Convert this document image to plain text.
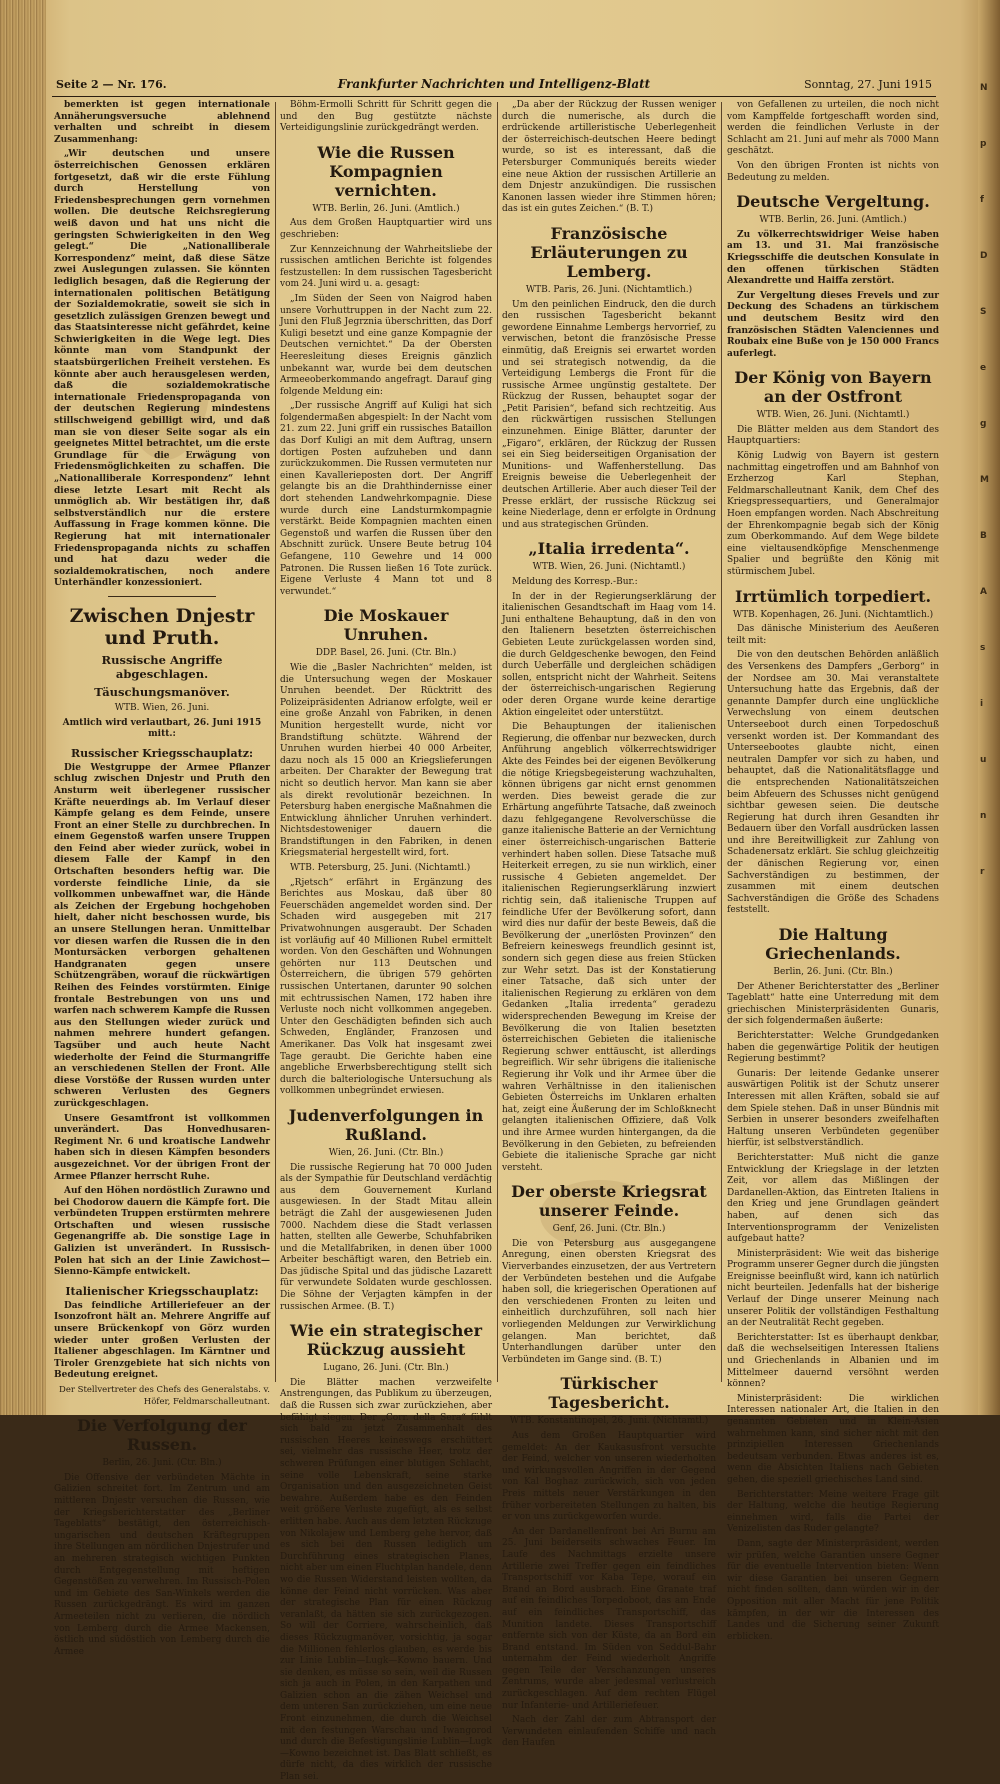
N
p
f
D
S
e
g
M
B
A
s
i
u
n
r
Seite 2 — Nr. 176.	Frankfurter Nachrichten und Intelligenz-Blatt	Sonntag, 27. Juni 1915

bemerkten ist gegen internationale Annäherungsversuche ablehnend verhalten und schreibt in diesem Zusammenhang:

„Wir deutschen und unsere österreichischen Genossen erklären fortgesetzt, daß wir die erste Fühlung durch Herstellung von Friedensbesprechungen gern vornehmen wollen. Die deutsche Reichsregierung weiß davon und hat uns nicht die geringsten Schwierigkeiten in den Weg gelegt.“ Die „Nationalliberale Korrespondenz“ meint, daß diese Sätze zwei Auslegungen zulassen. Sie könnten lediglich besagen, daß die Regierung der internationalen politischen Betätigung der Sozialdemokratie, soweit sie sich in gesetzlich zulässigen Grenzen bewegt und das Staatsinteresse nicht gefährdet, keine Schwierigkeiten in die Wege legt. Dies könnte man vom Standpunkt der staatsbürgerlichen Freiheit verstehen. Es könnte aber auch herausgelesen werden, daß die sozialdemokratische internationale Friedenspropaganda von der deutschen Regierung mindestens stillschweigend gebilligt wird, und daß man sie von dieser Seite sogar als ein geeignetes Mittel betrachtet, um die erste Grundlage für die Erwägung von Friedensmöglichkeiten zu schaffen. Die „Nationalliberale Korrespondenz“ lehnt diese letzte Lesart mit Recht als unmöglich ab. Wir bestätigen ihr, daß selbstverständlich nur die erstere Auffassung in Frage kommen könne. Die Regierung hat mit internationaler Friedenspropaganda nichts zu schaffen und hat dazu weder die sozialdemokratischen, noch andere Unterhändler konzessioniert.

Zwischen Dnjestr und Pruth.
Russische Angriffe abgeschlagen.
Täuschungsmanöver.
WTB. Wien, 26. Juni.
Amtlich wird verlautbart, 26. Juni 1915 mitt.:
Russischer Kriegsschauplatz:

Die Westgruppe der Armee Pflanzer schlug zwischen Dnjestr und Pruth den Ansturm weit überlegener russischer Kräfte neuerdings ab. Im Verlauf dieser Kämpfe gelang es dem Feinde, unsere Front an einer Stelle zu durchbrechen. In einem Gegenstoß warfen unsere Truppen den Feind aber wieder zurück, wobei in diesem Falle der Kampf in den Ortschaften besonders heftig war. Die vorderste feindliche Linie, da sie vollkommen unbewaffnet war, die Hände als Zeichen der Ergebung hochgehoben hielt, daher nicht beschossen wurde, bis an unsere Stellungen heran. Unmittelbar vor diesen warfen die Russen die in den Montursäcken verborgen gehaltenen Handgranaten gegen unsere Schützengräben, worauf die rückwärtigen Reihen des Feindes vorstürmten. Einige frontale Bestrebungen von uns und warfen nach schwerem Kampfe die Russen aus den Stellungen wieder zurück und nahmen mehrere hundert gefangen. Tagsüber und auch heute Nacht wiederholte der Feind die Sturmangriffe an verschiedenen Stellen der Front. Alle diese Vorstöße der Russen wurden unter schweren Verlusten des Gegners zurückgeschlagen.

Unsere Gesamtfront ist vollkommen unverändert. Das Honvedhusaren-Regiment Nr. 6 und kroatische Landwehr haben sich in diesen Kämpfen besonders ausgezeichnet. Vor der übrigen Front der Armee Pflanzer herrscht Ruhe.

Auf den Höhen nordöstlich Zurawno und bei Chodorow dauern die Kämpfe fort. Die verbündeten Truppen erstürmten mehrere Ortschaften und wiesen russische Gegenangriffe ab. Die sonstige Lage in Galizien ist unverändert. In Russisch-Polen hat sich an der Linie Zawichost—Sienno-Kämpfe entwickelt.

Italienischer Kriegsschauplatz:

Das feindliche Artilleriefeuer an der Isonzofront hält an. Mehrere Angriffe auf unsere Brückenkopf von Görz wurden wieder unter großen Verlusten der Italiener abgeschlagen. Im Kärntner und Tiroler Grenzgebiete hat sich nichts von Bedeutung ereignet.

Der Stellvertreter des Chefs des Generalstabs. v. Höfer, Feldmarschalleutnant.
Die Verfolgung der Russen.
Berlin, 26. Juni. (Ctr. Bln.)

Die Offensive der verbündeten Mächte in Galizien schreitet fort. Im Zentrum und am mittleren Dnjestr versuchen die Russen, wie der Kriegsberichterstatter des „Berliner Tageblatts“ bestätigt, den österreichisch-ungarischen und deutschen Kräftegruppen ihre Stellungen am nördlichen Dnjestrufer und an mehreren strategisch wichtigen Punkten durch Entgegenstellung mit heftigen Gegenstößen zu verwehren. Im Russisch-Polen und im Gebiete des San-Winkels werden die Russen zurückgedrängt. Es wird im ganzen Armeeteilen nicht zu verlieren, die nördlich von Lemberg durch die Armee Mackensen, östlich und südöstlich von Lemberg durch die Armee

Böhm-Ermolli Schritt für Schritt gegen die und den Bug gestützte nächste Verteidigungslinie zurückgedrängt werden.

Wie die Russen Kompagnien vernichten.
WTB. Berlin, 26. Juni. (Amtlich.)

Aus dem Großen Hauptquartier wird uns geschrieben:

Zur Kennzeichnung der Wahrheitsliebe der russischen amtlichen Berichte ist folgendes festzustellen: In dem russischen Tagesbericht vom 24. Juni wird u. a. gesagt:

„Im Süden der Seen von Naigrod haben unsere Vorhuttruppen in der Nacht zum 22. Juni den Fluß Jegrznia überschritten, das Dorf Kuligi besetzt und eine ganze Kompagnie der Deutschen vernichtet.“ Da der Obersten Heeresleitung dieses Ereignis gänzlich unbekannt war, wurde bei dem deutschen Armeeoberkommando angefragt. Darauf ging folgende Meldung ein:

„Der russische Angriff auf Kuligi hat sich folgendermaßen abgespielt: In der Nacht vom 21. zum 22. Juni griff ein russisches Bataillon das Dorf Kuligi an mit dem Auftrag, unsern dortigen Posten aufzuheben und dann zurückzukommen. Die Russen vermuteten nur einen Kavallerieposten dort. Der Angriff gelangte bis an die Drahthindernisse einer dort stehenden Landwehrkompagnie. Diese wurde durch eine Landsturmkompagnie verstärkt. Beide Kompagnien machten einen Gegenstoß und warfen die Russen über den Abschnitt zurück. Unsere Beute betrug 104 Gefangene, 110 Gewehre und 14 000 Patronen. Die Russen ließen 16 Tote zurück. Eigene Verluste 4 Mann tot und 8 verwundet.“

Die Moskauer Unruhen.
DDP. Basel, 26. Juni. (Ctr. Bln.)

Wie die „Basler Nachrichten“ melden, ist die Untersuchung wegen der Moskauer Unruhen beendet. Der Rücktritt des Polizeipräsidenten Adrianow erfolgte, weil er eine große Anzahl von Fabriken, in denen Munition hergestellt wurde, nicht vor Brandstiftung schützte. Während der Unruhen wurden hierbei 40 000 Arbeiter, dazu noch als 15 000 an Kriegslieferungen arbeiten. Der Charakter der Bewegung trat nicht so deutlich hervor. Man kann sie aber als direkt revolutionär bezeichnen. In Petersburg haben energische Maßnahmen die Entwicklung ähnlicher Unruhen verhindert. Nichtsdestoweniger dauern die Brandstiftungen in den Fabriken, in denen Kriegsmaterial hergestellt wird, fort.

WTB. Petersburg, 25. Juni. (Nichtamtl.)

„Rjetsch“ erfährt in Ergänzung des Berichtes aus Moskau, daß über 80 Feuerschäden angemeldet worden sind. Der Schaden wird ausgegeben mit 217 Privatwohnungen ausgeraubt. Der Schaden ist vorläufig auf 40 Millionen Rubel ermittelt worden. Von den Geschäften und Wohnungen gehörten nur 113 Deutschen und Österreichern, die übrigen 579 gehörten russischen Untertanen, darunter 90 solchen mit echtrussischen Namen, 172 haben ihre Verluste noch nicht vollkommen angegeben. Unter den Geschädigten befinden sich auch Schweden, Engländer, Franzosen und Amerikaner. Das Volk hat insgesamt zwei Tage geraubt. Die Gerichte haben eine angebliche Erwerbsberechtigung stellt sich durch die balteriologische Untersuchung als vollkommen unbegründet erwiesen.

Judenverfolgungen in Rußland.
Wien, 26. Juni. (Ctr. Bln.)

Die russische Regierung hat 70 000 Juden als der Sympathie für Deutschland verdächtig aus dem Gouvernement Kurland ausgewiesen. In der Stadt Mitau allein beträgt die Zahl der ausgewiesenen Juden 7000. Nachdem diese die Stadt verlassen hatten, stellten alle Gewerbe, Schuhfabriken und die Metallfabriken, in denen über 1000 Arbeiter beschäftigt waren, den Betrieb ein. Das jüdische Spital und das jüdische Lazarett für verwundete Soldaten wurde geschlossen. Die Söhne der Verjagten kämpfen in der russischen Armee. (B. T.)

Wie ein strategischer Rückzug aussieht
Lugano, 26. Juni. (Ctr. Bln.)

Die Blätter machen verzweifelte Anstrengungen, das Publikum zu überzeugen, daß die Russen sich zwar zurückziehen, aber befähigt siegen. Der „Corr. della Sera“ fühlt sich bald zu jetzt Zusammenhalt des russischen Heeres keineswegs erschüttert sei, vielmehr das russische Heer, trotz der schweren Prüfungen einer blutigen Schlacht, seine volle Lebenskraft, seine starke Organisation und den ausgezeichneten Geist bewahre. Außerdem habe es den Feinden weit größere Verluste zugefügt, als es selbst erlitten habe. Auch aus dem letzten Rückzuge von Nikolajew und Lemberg gehe hervor, daß es sich bei den Russen lediglich um Durchführung eines strategischen Planes, nicht aber um einen Fluchtplan handele, denn wo die Russen Widerstand leisten wollten, da könne der Feind nicht vorrücken. Was aber der strategische Plan für einen Rückzug veranlaßt, da hätten sie sich zurückgezogen. So will der Corriere, wahrscheinlich, daß dieses Rückzugmanöver, vorsichtig, ja sogar die Millionen fehlerlos glauben, es werde bis zur Linie Lublin—Lugk—Kowno bauern. Und sie denken, es müsse so sein, weil die Russen sich ja auch in Polen, in den Karpathen und Galizien schon an die zähen Weichsel und dem unteren San zurückziehen, um eine neue Front einzunehmen, die durch die Weichsel mit den festungen Warschau und Iwangorod und durch die Befestigungslinie Lublin—Lugk—Kowno bezeichnet ist. Das Blatt schließt, es dürfe nicht, da dies wirklich der russische Plan sei.

„Da aber der Rückzug der Russen weniger durch die numerische, als durch die erdrückende artilleristische Ueberlegenheit der österreichisch-deutschen Heere bedingt wurde, so ist es interessant, daß die Petersburger Communiqués bereits wieder eine neue Aktion der russischen Artillerie an dem Dnjestr anzukündigen. Die russischen Kanonen lassen wieder ihre Stimmen hören; das ist ein gutes Zeichen.“ (B. T.)

Französische Erläuterungen zu Lemberg.
WTB. Paris, 26. Juni. (Nichtamtlich.)

Um den peinlichen Eindruck, den die durch den russischen Tagesbericht bekannt gewordene Einnahme Lembergs hervorrief, zu verwischen, betont die französische Presse einmütig, daß Ereignis sei erwartet worden und sei strategisch notwendig, da die Verteidigung Lembergs die Front für die russische Armee ungünstig gestaltete. Der Rückzug der Russen, behauptet sogar der „Petit Parisien“, befand sich rechtzeitig. Aus den rückwärtigen russischen Stellungen einzunehmen. Einige Blätter, darunter der „Figaro“, erklären, der Rückzug der Russen sei ein Sieg beiderseitigen Organisation der Munitions- und Waffenherstellung. Das Ereignis beweise die Ueberlegenheit der deutschen Artillerie. Aber auch dieser Teil der Presse erklärt, der russische Rückzug sei keine Niederlage, denn er erfolgte in Ordnung und aus strategischen Gründen.

„Italia irredenta“.
WTB. Wien, 26. Juni. (Nichtamtl.)

Meldung des Korresp.-Bur.:

In der in der Regierungserklärung der italienischen Gesandtschaft im Haag vom 14. Juni enthaltene Behauptung, daß in den von den Italienern besetzten österreichischen Gebieten Leute zurückgelassen worden sind, die durch Geldgeschenke bewogen, den Feind durch Ueberfälle und dergleichen schädigen sollen, entspricht nicht der Wahrheit. Seitens der österreichisch-ungarischen Regierung oder deren Organe wurde keine derartige Aktion eingeleitet oder unterstützt.

Die Behauptungen der italienischen Regierung, die offenbar nur bezwecken, durch Anführung angeblich völkerrechtswidriger Akte des Feindes bei der eigenen Bevölkerung die nötige Kriegsbegeisterung wachzuhalten, können übrigens gar nicht ernst genommen werden. Dies beweist gerade die zur Erhärtung angeführte Tatsache, daß zweinoch dazu fehlgegangene Revolverschüsse die ganze italienische Batterie an der Vernichtung einer österreichisch-ungarischen Batterie verhindert haben sollen. Diese Tatsache muß Heiterkeit erregen, zu sie nun wirklich, einer russische 4 Gebieten angemeldet. Der italienischen Regierungserklärung inzwiert richtig sein, daß italienische Truppen auf feindliche Ufer der Bevölkerung sofort, dann wird dies nur dafür der beste Beweis, daß die Bevölkerung der „unerlösten Provinzen“ den Befreiern keineswegs freundlich gesinnt ist, sondern sich gegen diese aus freien Stücken zur Wehr setzt. Das ist der Konstatierung einer Tatsache, daß sich unter der italienischen Regierung zu erklären von dem Gedanken „Italia irredenta“ geradezu widersprechenden Bewegung im Kreise der Bevölkerung die von Italien besetzten österreichischen Gebieten die italienische Regierung schwer enttäuscht, ist allerdings begreiflich. Wir sehr übrigens die italienische Regierung ihr Volk und ihr Armee über die wahren Verhältnisse in den italienischen Gebieten Österreichs im Unklaren erhalten hat, zeigt eine Äußerung der im Schloßknecht gelangten italienischen Offiziere, daß Volk und ihre Armee wurden hintergangen, da die Bevölkerung in den Gebieten, zu befreienden Gebiete die italienische Sprache gar nicht versteht.

Der oberste Kriegsrat unserer Feinde.
Genf, 26. Juni. (Ctr. Bln.)

Die von Petersburg aus ausgegangene Anregung, einen obersten Kriegsrat des Vierverbandes einzusetzen, der aus Vertretern der Verbündeten bestehen und die Aufgabe haben soll, die kriegerischen Operationen auf den verschiedenen Fronten zu leiten und einheitlich durchzuführen, soll nach hier vorliegenden Meldungen zur Verwirklichung gelangen. Man berichtet, daß Unterhandlungen darüber unter den Verbündeten im Gange sind. (B. T.)

Türkischer Tagesbericht.
WTB. Konstantinopel, 26. Juni. (Nichtamtl.)

Aus dem Großen Hauptquartier wird gemeldet: An der Kaukasusfront versuchte der Feind, welcher von unseren wiederholten und wirkungsvollen Angriffen in der Gegend von Kal Boghaz zurückwich, sich von jeden Preis mittels neuer Verstärkungen in den früher vorbereiteten Stellungen zu halten, bis er von uns zurückgeworfen wurde.

An der Dardanellenfront bei Ari Burnu am 25. Juni beiderseits schwaches Feuer. Im Laufe des Nachmittags erzielte unsere Artillerie zwei Treffer gegen ein feindliches Transportschiff vor Kaba Tepe, worauf ein Brand an Bord ausbrach. Eine Granate traf auf ein feindliches Torpedoboot, das am Ende auf ein feindliches Transportschiff, das Munition landete. Dieses Transportschiff entfernte sich von der Küste, da an Bord ein Brand entstand. Im Süden von Seddul-Bahr unternahm der Feind wiederholt Angriffe gegen Teile der Verschanzungen unseres Zentrums, wurde aber jedesmal verlustreich zurückgeschlagen. Auf dem rechten Flügel nur Infanterie- und Artilleriefeuer.

Nach der Zahl der zum Abtransport der Verwundeten einlaufenden Schiffe und nach den Haufen

von Gefallenen zu urteilen, die noch nicht vom Kampffelde fortgeschafft worden sind, werden die feindlichen Verluste in der Schlacht am 21. Juni auf mehr als 7000 Mann geschätzt.

Von den übrigen Fronten ist nichts von Bedeutung zu melden.

Deutsche Vergeltung.
WTB. Berlin, 26. Juni. (Amtlich.)

Zu völkerrechtswidriger Weise haben am 13. und 31. Mai französische Kriegsschiffe die deutschen Konsulate in den offenen türkischen Städten Alexandrette und Haiffa zerstört.

Zur Vergeltung dieses Frevels und zur Deckung des Schadens an türkischem und deutschem Besitz wird den französischen Städten Valenciennes und Roubaix eine Buße von je 150 000 Francs auferlegt.

Der König von Bayern an der Ostfront
WTB. Wien, 26. Juni. (Nichtamtl.)

Die Blätter melden aus dem Standort des Hauptquartiers:

König Ludwig von Bayern ist gestern nachmittag eingetroffen und am Bahnhof von Erzherzog Karl Stephan, Feldmarschalleutnant Kanik, dem Chef des Kriegspressequartiers, und Generalmajor Hoen empfangen worden. Nach Abschreitung der Ehrenkompagnie begab sich der König zum Oberkommando. Auf dem Wege bildete eine vieltausendköpfige Menschenmenge Spalier und begrüßte den König mit stürmischem Jubel.

Irrtümlich torpediert.
WTB. Kopenhagen, 26. Juni. (Nichtamtlich.)

Das dänische Ministerium des Aeußeren teilt mit:

Die von den deutschen Behörden anläßlich des Versenkens des Dampfers „Gerborg“ in der Nordsee am 30. Mai veranstaltete Untersuchung hatte das Ergebnis, daß der genannte Dampfer durch eine unglückliche Verwechslung von einem deutschen Unterseeboot durch einen Torpedoschuß versenkt worden ist. Der Kommandant des Unterseebootes glaubte nicht, einen neutralen Dampfer vor sich zu haben, und behauptet, daß die Nationalitätsflagge und die entsprechenden Nationalitätszeichen beim Abfeuern des Schusses nicht genügend sichtbar gewesen seien. Die deutsche Regierung hat durch ihren Gesandten ihr Bedauern über den Vorfall ausdrücken lassen und ihre Bereitwilligkeit zur Zahlung von Schadenersatz erklärt. Sie schlug gleichzeitig der dänischen Regierung vor, einen Sachverständigen zu bestimmen, der zusammen mit einem deutschen Sachverständigen die Größe des Schadens feststellt.

Die Haltung Griechenlands.
Berlin, 26. Juni. (Ctr. Bln.)

Der Athener Berichterstatter des „Berliner Tageblatt“ hatte eine Unterredung mit dem griechischen Ministerpräsidenten Gunaris, der sich folgendermaßen äußerte:

Berichterstatter: Welche Grundgedanken haben die gegenwärtige Politik der heutigen Regierung bestimmt?

Gunaris: Der leitende Gedanke unserer auswärtigen Politik ist der Schutz unserer Interessen mit allen Kräften, sobald sie auf dem Spiele stehen. Daß in unser Bündnis mit Serbien in unserer besonders zweifelhaften Haltung unseren Verbündeten gegenüber hierfür, ist selbstverständlich.

Berichterstatter: Muß nicht die ganze Entwicklung der Kriegslage in der letzten Zeit, vor allem das Mißlingen der Dardanellen-Aktion, das Eintreten Italiens in den Krieg und jene Grundlagen geändert haben, auf denen sich das Interventionsprogramm der Venizelisten aufgebaut hatte?

Ministerpräsident: Wie weit das bisherige Programm unserer Gegner durch die jüngsten Ereignisse beeinflußt wird, kann ich natürlich nicht beurteilen. Jedenfalls hat der bisherige Verlauf der Dinge unserer Meinung nach unserer Politik der vollständigen Festhaltung an der Neutralität Recht gegeben.

Berichterstatter: Ist es überhaupt denkbar, daß die wechselseitigen Interessen Italiens und Griechenlands in Albanien und im Mittelmeer dauernd versöhnt werden können?

Ministerpräsident: Die wirklichen Interessen nationaler Art, die Italien in den genannten Gebieten und in Klein-Asien wahrnehmen kann, sind sicher nicht mit den prinzipiellen Interessen Griechenlands bedeutsam verbunden. Etwas anderes ist es, wenn die Absichten Italiens nach Gebieten gehen, die speziell griechisches Land sind.

Berichterstatter: Meine weitere Frage gilt der Haltung, welche die heutige Regierung einnehmen wird, falls die Partei der Venizelisten das Ruder gelangte?

Dann, sagte der Ministerpräsident, werden wir prüfen, welche Garantien unsere Gegner für die eventuelle Intervention bieten: Wenn wir diese Garantien bei unseren Gegnern nicht finden sollten, dann würden wir in der Opposition mit aller Macht für jene Politik kämpfen, in der wir die Interessen des Landes und die Sicherung seiner Zukunft erblicken.
